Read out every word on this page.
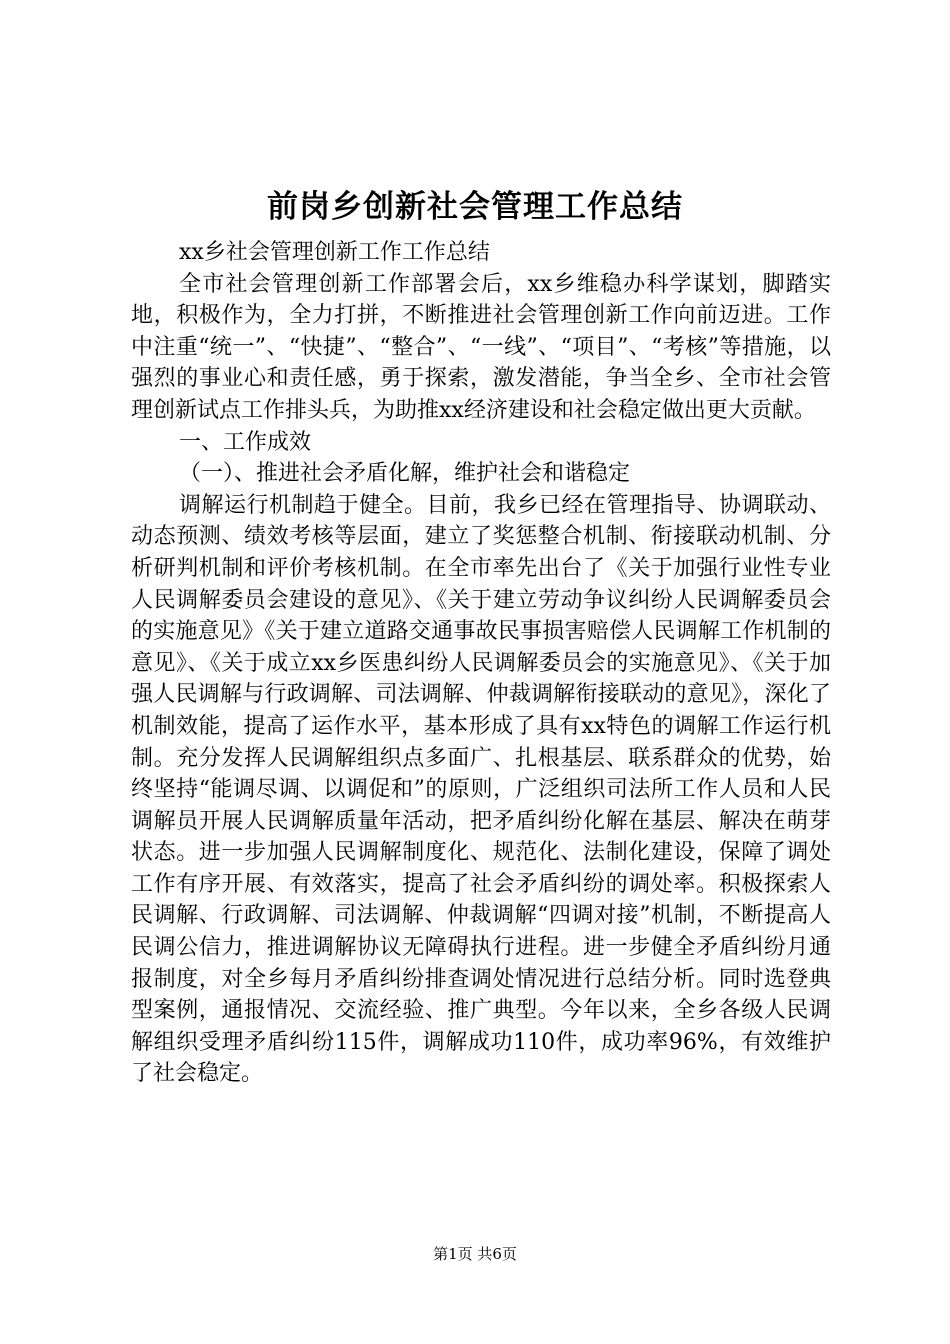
前岗乡创新社会管理工作总结

xx乡社会管理创新工作工作总结

全市社会管理创新工作部署会后，xx乡维稳办科学谋划，脚踏实地，积极作为，全力打拼，不断推进社会管理创新工作向前迈进。工作中注重“统一”、“快捷”、“整合”、“一线”、“项目”、“考核”等措施，以强烈的事业心和责任感，勇于探索，激发潜能，争当全乡、全市社会管理创新试点工作排头兵，为助推xx经济建设和社会稳定做出更大贡献。

一、工作成效

（一）、推进社会矛盾化解，维护社会和谐稳定

调解运行机制趋于健全。目前，我乡已经在管理指导、协调联动、动态预测、绩效考核等层面，建立了奖惩整合机制、衔接联动机制、分析研判机制和评价考核机制。在全市率先出台了《关于加强行业性专业人民调解委员会建设的意见》、《关于建立劳动争议纠纷人民调解委员会的实施意见》《关于建立道路交通事故民事损害赔偿人民调解工作机制的意见》、《关于成立xx乡医患纠纷人民调解委员会的实施意见》、《关于加强人民调解与行政调解、司法调解、仲裁调解衔接联动的意见》，深化了机制效能，提高了运作水平，基本形成了具有xx特色的调解工作运行机制。充分发挥人民调解组织点多面广、扎根基层、联系群众的优势，始终坚持“能调尽调、以调促和”的原则，广泛组织司法所工作人员和人民调解员开展人民调解质量年活动，把矛盾纠纷化解在基层、解决在萌芽状态。进一步加强人民调解制度化、规范化、法制化建设，保障了调处工作有序开展、有效落实，提高了社会矛盾纠纷的调处率。积极探索人民调解、行政调解、司法调解、仲裁调解“四调对接”机制，不断提高人民调公信力，推进调解协议无障碍执行进程。进一步健全矛盾纠纷月通报制度，对全乡每月矛盾纠纷排查调处情况进行总结分析。同时选登典型案例，通报情况、交流经验、推广典型。今年以来，全乡各级人民调解组织受理矛盾纠纷115件，调解成功110件，成功率96%，有效维护了社会稳定。

第1页 共6页
